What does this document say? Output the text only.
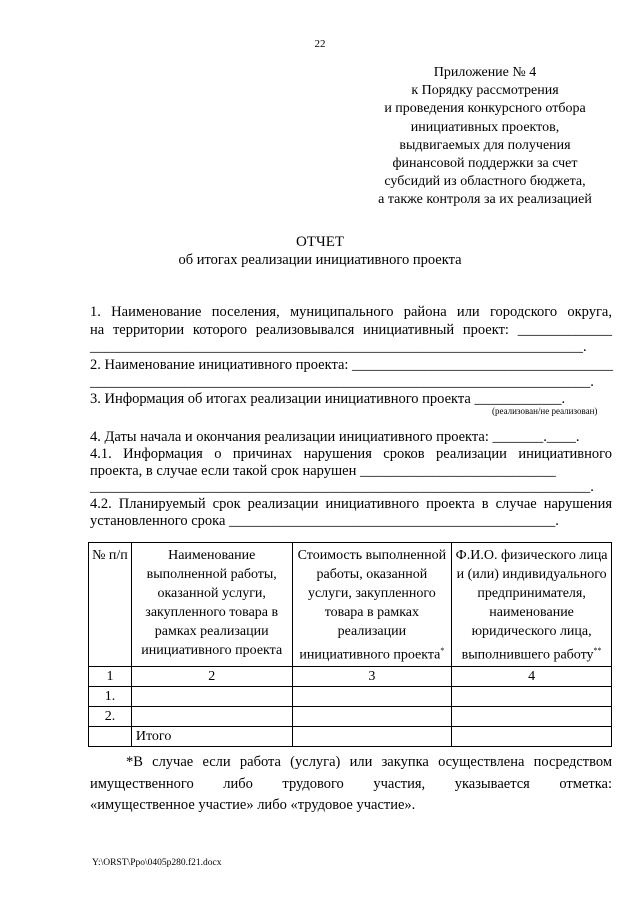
22
Приложение № 4
к Порядку рассмотрения
и проведения конкурсного отбора
инициативных проектов,
выдвигаемых для получения
финансовой поддержки за счет
субсидий из областного бюджета,
а также контроля за их реализацией
ОТЧЕТ
об итогах реализации инициативного проекта
1. Наименование поселения, муниципального района или городского округа,
на территории которого реализовывался инициативный проект: _____________
____________________________________________________________________.
2. Наименование инициативного проекта: ____________________________________
_____________________________________________________________________.
3. Информация об итогах реализации инициативного проекта ____________.
(реализован/не реализован)
4. Даты начала и окончания реализации инициативного проекта: _______.____.
4.1. Информация о причинах нарушения сроков реализации инициативного
проекта, в случае если такой срок нарушен ___________________________
_____________________________________________________________________.
4.2. Планируемый срок реализации инициативного проекта в случае нарушения
установленного срока _____________________________________________.
№ п/п	Наименование выполненной работы, оказанной услуги, закупленного товара в рамках реализации инициативного проекта	Стоимость выполненной работы, оказанной услуги, закупленного товара в рамках реализации инициативного проекта*	Ф.И.О. физического лица и (или) индивидуального предпринимателя, наименование юридического лица, выполнившего работу**
1	2	3	4
1.			
2.			
	Итого		
*В случае если работа (услуга) или закупка осуществлена посредством
имущественного либо трудового участия, указывается отметка:
«имущественное участие» либо «трудовое участие».
Y:\ORST\Ppo\0405p280.f21.docx
